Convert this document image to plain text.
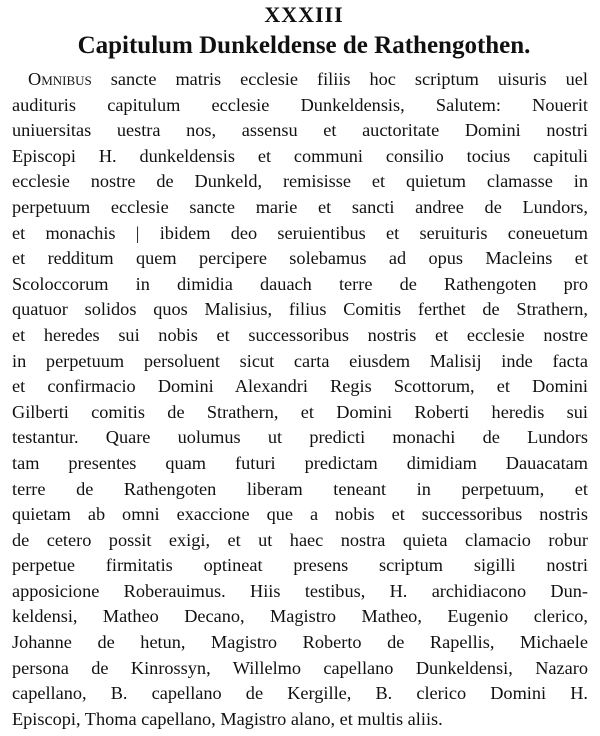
XXXIII
Capitulum Dunkeldense de Rathengothen.
Omnibus sancte matris ecclesie filiis hoc scriptum uisuris uel
audituris capitulum ecclesie Dunkeldensis, Salutem: Nouerit
uniuersitas uestra nos, assensu et auctoritate Domini nostri
Episcopi H. dunkeldensis et communi consilio tocius capituli
ecclesie nostre de Dunkeld, remisisse et quietum clamasse in
perpetuum ecclesie sancte marie et sancti andree de Lundors,
et monachis | ibidem deo seruientibus et seruituris coneuetum
et redditum quem percipere solebamus ad opus Macleins et
Scoloccorum in dimidia dauach terre de Rathengoten pro
quatuor solidos quos Malisius, filius Comitis ferthet de Strathern,
et heredes sui nobis et successoribus nostris et ecclesie nostre
in perpetuum persoluent sicut carta eiusdem Malisij inde facta
et confirmacio Domini Alexandri Regis Scottorum, et Domini
Gilberti comitis de Strathern, et Domini Roberti heredis sui
testantur. Quare uolumus ut predicti monachi de Lundors
tam presentes quam futuri predictam dimidiam Dauacatam
terre de Rathengoten liberam teneant in perpetuum, et
quietam ab omni exaccione que a nobis et successoribus nostris
de cetero possit exigi, et ut haec nostra quieta clamacio robur
perpetue firmitatis optineat presens scriptum sigilli nostri
apposicione Roberauimus. Hiis testibus, H. archidiacono Dun-
keldensi, Matheo Decano, Magistro Matheo, Eugenio clerico,
Johanne de hetun, Magistro Roberto de Rapellis, Michaele
persona de Kinrossyn, Willelmo capellano Dunkeldensi, Nazaro
capellano, B. capellano de Kergille, B. clerico Domini H.
Episcopi, Thoma capellano, Magistro alano, et multis aliis.
